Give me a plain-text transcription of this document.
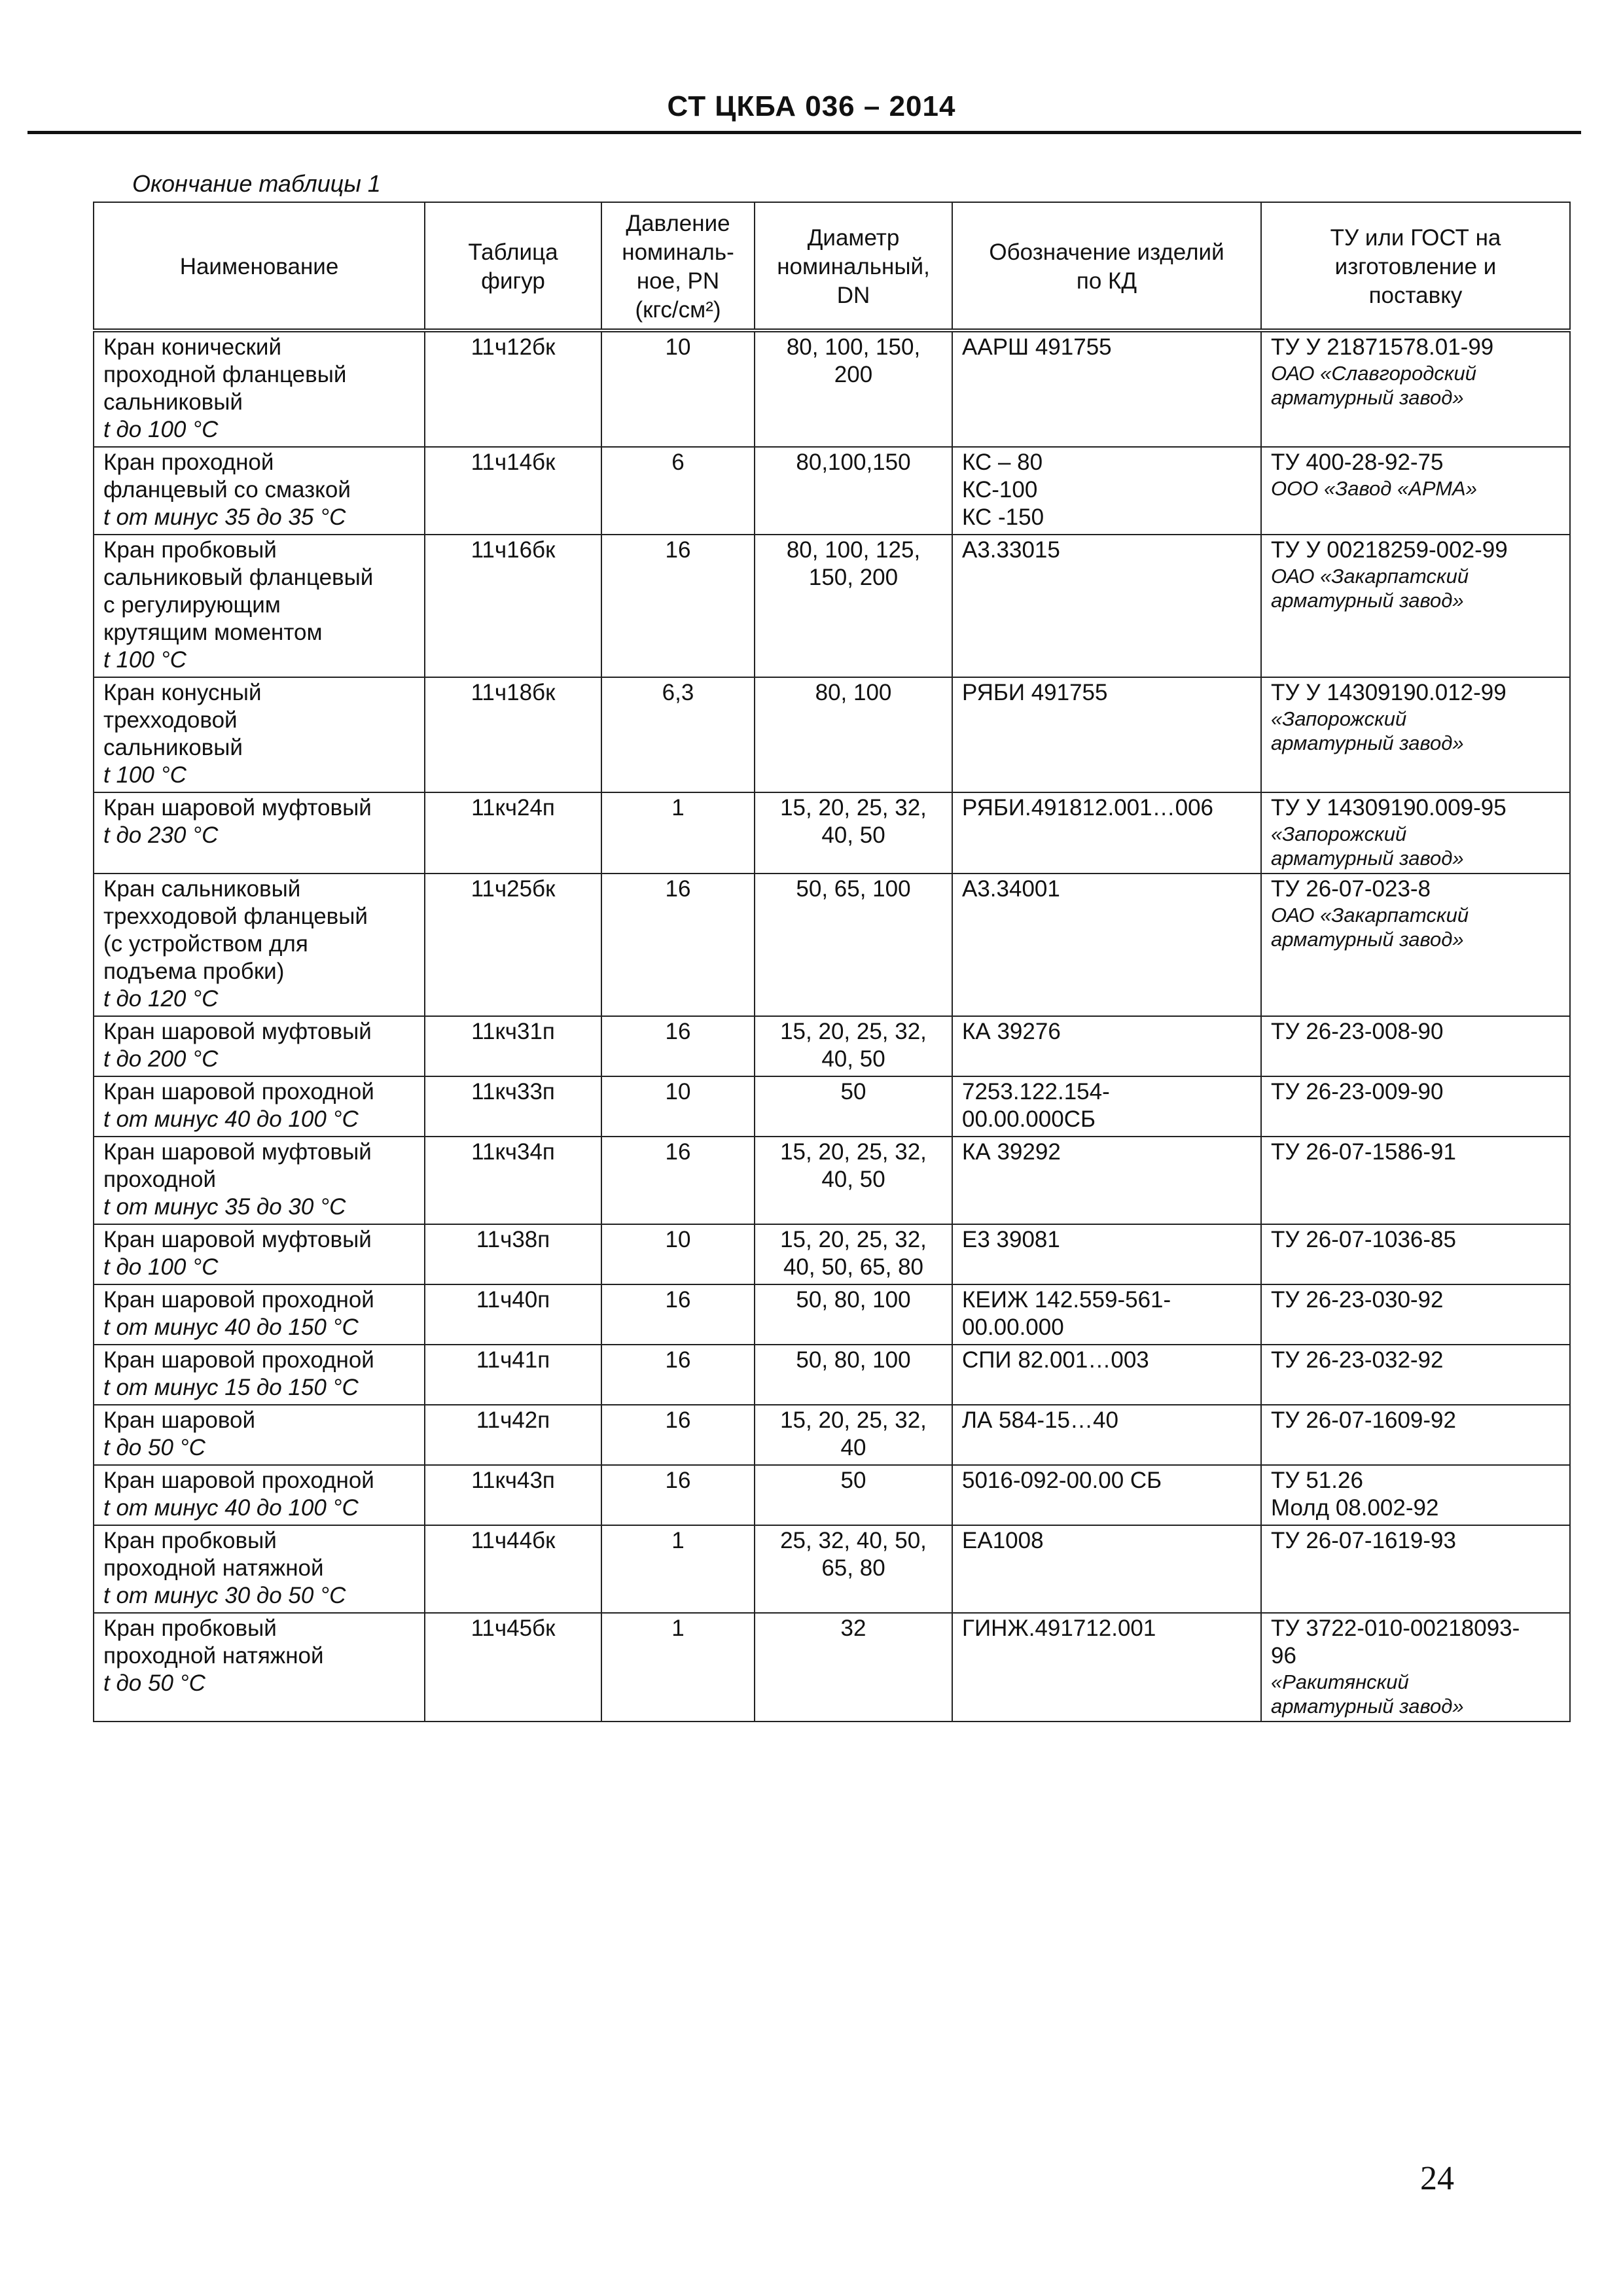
СТ ЦКБА 036 – 2014
Окончание таблицы 1
Наименование	Таблица
фигур	Давление
номиналь-
ное, PN
(кгс/см²)	Диаметр
номинальный,
DN	Обозначение изделий
по КД	ТУ или ГОСТ на
изготовление и
поставку

Кран конический
проходной фланцевый
сальниковый
t до 100 °С	11ч12бк	10	80, 100, 150,
200	ААРШ 491755	ТУ У 21871578.01-99
ОАО «Славгородский
арматурный завод»

Кран проходной
фланцевый со смазкой
t от минус 35 до 35 °С	11ч14бк	6	80,100,150	КС – 80
КС-100
КС -150	ТУ 400-28-92-75
ООО «Завод «АРМА»

Кран пробковый
сальниковый фланцевый
с регулирующим
крутящим моментом
t 100 °С	11ч16бк	16	80, 100, 125,
150, 200	А3.33015	ТУ У 00218259-002-99
ОАО «Закарпатский
арматурный завод»

Кран конусный
трехходовой
сальниковый
t 100 °С	11ч18бк	6,3	80, 100	РЯБИ 491755	ТУ У 14309190.012-99
«Запорожский
арматурный завод»

Кран шаровой муфтовый
t до 230 °С	11кч24п	1	15, 20, 25, 32,
40, 50	РЯБИ.491812.001…006	ТУ У 14309190.009-95
«Запорожский
арматурный завод»

Кран сальниковый
трехходовой фланцевый
(с устройством для
подъема пробки)
t до 120 °С	11ч25бк	16	50, 65, 100	А3.34001	ТУ 26-07-023-8
ОАО «Закарпатский
арматурный завод»

Кран шаровой муфтовый
t до 200 °С	11кч31п	16	15, 20, 25, 32,
40, 50	КА 39276	ТУ 26-23-008-90

Кран шаровой проходной
t от минус 40 до 100 °С	11кч33п	10	50	7253.122.154-
00.00.000СБ	ТУ 26-23-009-90

Кран шаровой муфтовый
проходной
t от минус 35 до 30 °С	11кч34п	16	15, 20, 25, 32,
40, 50	КА 39292	ТУ 26-07-1586-91

Кран шаровой муфтовый
t до 100 °С	11ч38п	10	15, 20, 25, 32,
40, 50, 65, 80	Е3 39081	ТУ 26-07-1036-85

Кран шаровой проходной
t от минус 40 до 150 °С	11ч40п	16	50, 80, 100	КЕИЖ 142.559-561-
00.00.000	ТУ 26-23-030-92

Кран шаровой проходной
t от минус 15 до 150 °С	11ч41п	16	50, 80, 100	СПИ 82.001…003	ТУ 26-23-032-92

Кран шаровой
t до 50 °С	11ч42п	16	15, 20, 25, 32,
40	ЛА 584-15…40	ТУ 26-07-1609-92

Кран шаровой проходной
t от минус 40 до 100 °С	11кч43п	16	50	5016-092-00.00 СБ	ТУ 51.26
Молд 08.002-92

Кран пробковый
проходной натяжной
t от минус 30 до 50 °С	11ч44бк	1	25, 32, 40, 50,
65, 80	ЕА1008	ТУ 26-07-1619-93

Кран пробковый
проходной натяжной
t до 50 °С	11ч45бк	1	32	ГИНЖ.491712.001	ТУ 3722-010-00218093-
96
«Ракитянский
арматурный завод»
24
